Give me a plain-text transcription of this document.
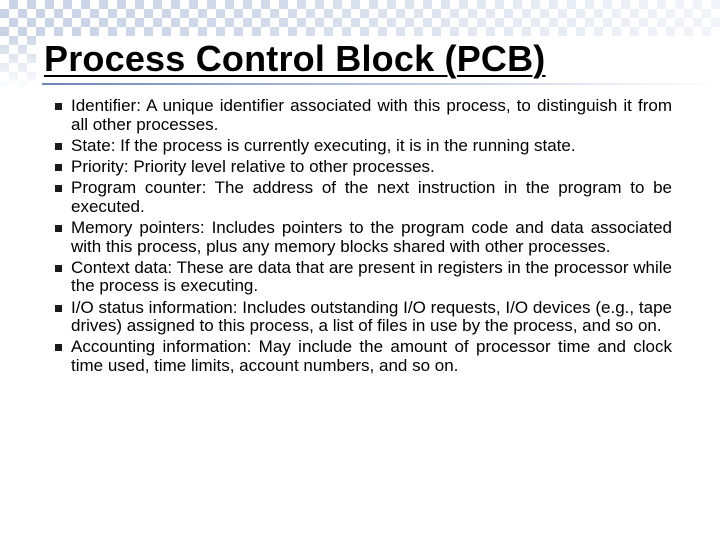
Process Control Block (PCB)
Identifier: A unique identifier associated with this process, to distinguish it from all other processes.
State: If the process is currently executing, it is in the running state.
Priority: Priority level relative to other processes.
Program counter: The address of the next instruction in the program to be executed.
Memory pointers: Includes pointers to the program code and data associated with this process, plus any memory blocks shared with other processes.
Context data: These are data that are present in registers in the processor while the process is executing.
I/O status information: Includes outstanding I/O requests, I/O devices (e.g., tape drives) assigned to this process, a list of files in use by the process, and so on.
Accounting information: May include the amount of processor time and clock time used, time limits, account numbers, and so on.
